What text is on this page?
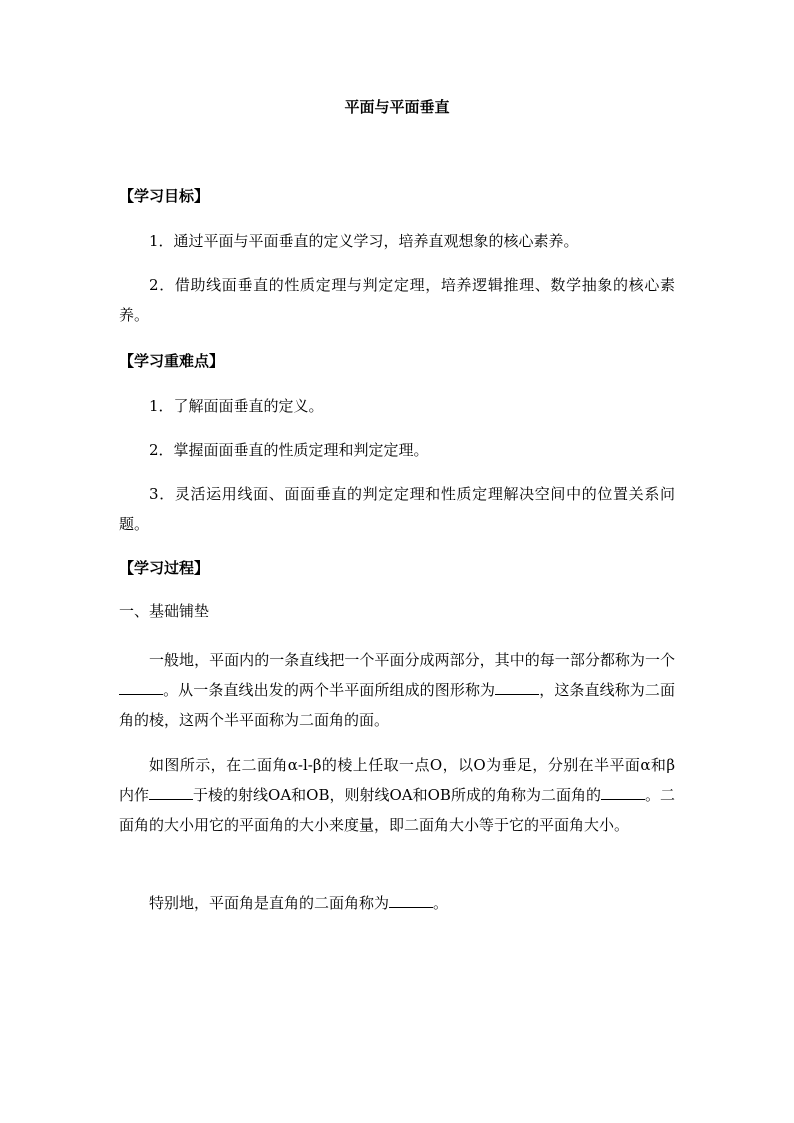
平面与平面垂直
【学习目标】
1．通过平面与平面垂直的定义学习，培养直观想象的核心素养。
2．借助线面垂直的性质定理与判定定理，培养逻辑推理、数学抽象的核心素养。
【学习重难点】
1．了解面面垂直的定义。
2．掌握面面垂直的性质定理和判定定理。
3．灵活运用线面、面面垂直的判定定理和性质定理解决空间中的位置关系问题。
【学习过程】
一、基础铺垫
一般地，平面内的一条直线把一个平面分成两部分，其中的每一部分都称为一个。从一条直线出发的两个半平面所组成的图形称为	，这条直线称为二面角的棱，这两个半平面称为二面角的面。
如图所示，在二面角α-l-β的棱上任取一点O，以O为垂足，分别在半平面α和β内作	于棱的射线OA和OB，则射线OA和OB所成的角称为二面角的	。二面角的大小用它的平面角的大小来度量，即二面角大小等于它的平面角大小。
特别地，平面角是直角的二面角称为	。
